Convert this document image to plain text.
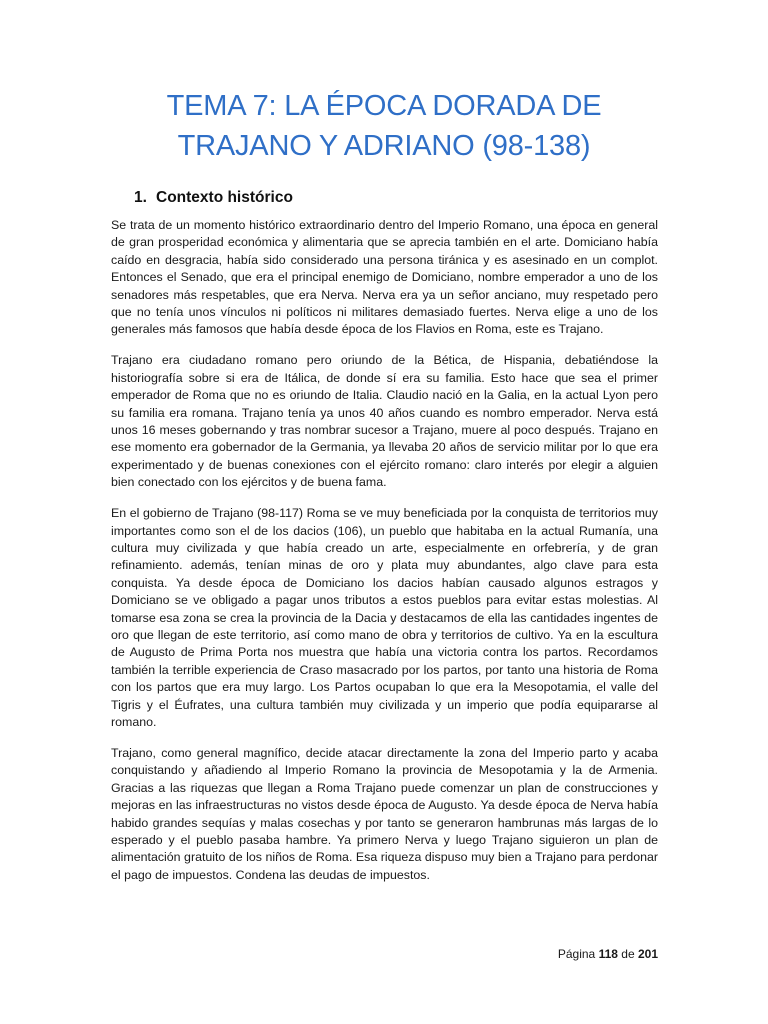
TEMA 7: LA ÉPOCA DORADA DE TRAJANO Y ADRIANO (98-138)
1. Contexto histórico

Se trata de un momento histórico extraordinario dentro del Imperio Romano, una época en general de gran prosperidad económica y alimentaria que se aprecia también en el arte. Domiciano había caído en desgracia, había sido considerado una persona tiránica y es asesinado en un complot. Entonces el Senado, que era el principal enemigo de Domiciano, nombre emperador a uno de los senadores más respetables, que era Nerva. Nerva era ya un señor anciano, muy respetado pero que no tenía unos vínculos ni políticos ni militares demasiado fuertes. Nerva elige a uno de los generales más famosos que había desde época de los Flavios en Roma, este es Trajano.

Trajano era ciudadano romano pero oriundo de la Bética, de Hispania, debatiéndose la historiografía sobre si era de Itálica, de donde sí era su familia. Esto hace que sea el primer emperador de Roma que no es oriundo de Italia. Claudio nació en la Galia, en la actual Lyon pero su familia era romana. Trajano tenía ya unos 40 años cuando es nombro emperador. Nerva está unos 16 meses gobernando y tras nombrar sucesor a Trajano, muere al poco después. Trajano en ese momento era gobernador de la Germania, ya llevaba 20 años de servicio militar por lo que era experimentado y de buenas conexiones con el ejército romano: claro interés por elegir a alguien bien conectado con los ejércitos y de buena fama.

En el gobierno de Trajano (98-117) Roma se ve muy beneficiada por la conquista de territorios muy importantes como son el de los dacios (106), un pueblo que habitaba en la actual Rumanía, una cultura muy civilizada y que había creado un arte, especialmente en orfebrería, y de gran refinamiento. además, tenían minas de oro y plata muy abundantes, algo clave para esta conquista. Ya desde época de Domiciano los dacios habían causado algunos estragos y Domiciano se ve obligado a pagar unos tributos a estos pueblos para evitar estas molestias. Al tomarse esa zona se crea la provincia de la Dacia y destacamos de ella las cantidades ingentes de oro que llegan de este territorio, así como mano de obra y territorios de cultivo. Ya en la escultura de Augusto de Prima Porta nos muestra que había una victoria contra los partos. Recordamos también la terrible experiencia de Craso masacrado por los partos, por tanto una historia de Roma con los partos que era muy largo. Los Partos ocupaban lo que era la Mesopotamia, el valle del Tigris y el Éufrates, una cultura también muy civilizada y un imperio que podía equipararse al romano.

Trajano, como general magnífico, decide atacar directamente la zona del Imperio parto y acaba conquistando y añadiendo al Imperio Romano la provincia de Mesopotamia y la de Armenia. Gracias a las riquezas que llegan a Roma Trajano puede comenzar un plan de construcciones y mejoras en las infraestructuras no vistos desde época de Augusto. Ya desde época de Nerva había habido grandes sequías y malas cosechas y por tanto se generaron hambrunas más largas de lo esperado y el pueblo pasaba hambre. Ya primero Nerva y luego Trajano siguieron un plan de alimentación gratuito de los niños de Roma. Esa riqueza dispuso muy bien a Trajano para perdonar el pago de impuestos. Condena las deudas de impuestos.

Página 118 de 201
